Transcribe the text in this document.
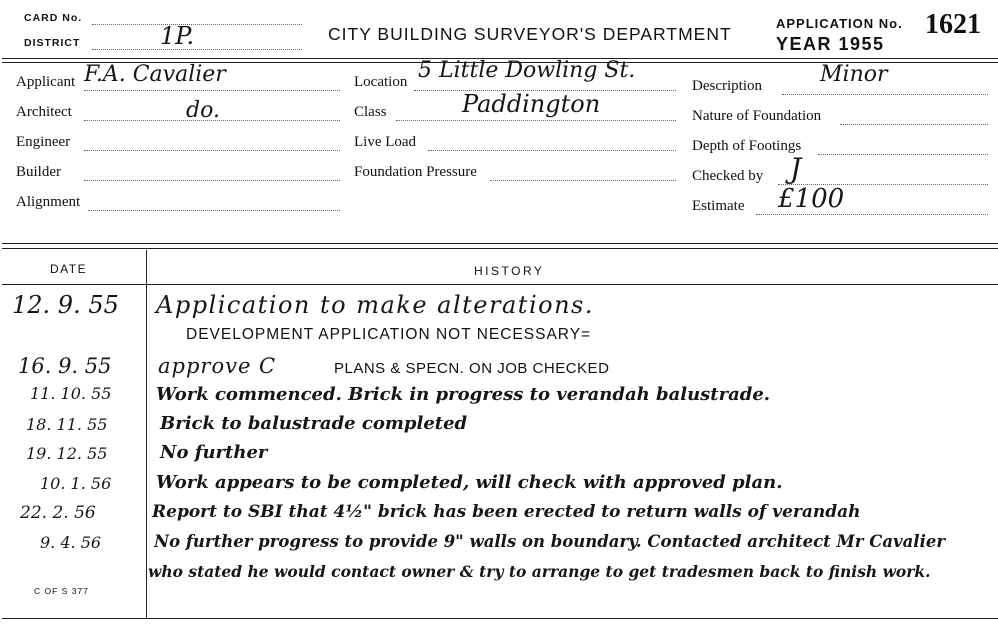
CARD No.
DISTRICT	1P.	CITY BUILDING SURVEYOR'S DEPARTMENT
APPLICATION No. 1621
YEAR 1955
Applicant F.A. Cavalier
Architect	do.
Engineer
Builder
Alignment
Location 5 Little Dowling St.
Class	Paddington
Live Load
Foundation Pressure
Description	Minor
Nature of Foundation
Depth of Footings
Checked by J
Estimate £100
DATE	HISTORY
12. 9. 55 Application to make alterations.
DEVELOPMENT APPLICATION NOT NECESSARY=
16. 9. 55 approve C	PLANS & SPECN. ON JOB CHECKED
11. 10. 55 Work commenced. Brick in progress to verandah balustrade.
18. 11. 55	Brick to balustrade completed
19. 12. 55	No further
10. 1. 56 Work appears to be completed, will check with approved plan.
22. 2. 56	Report to SBI that 4½" brick has been erected to return walls of verandah
9. 4. 56	No further progress to provide 9" walls on boundary. Contacted architect Mr Cavalier
who stated he would contact owner & try to arrange to get tradesmen back to finish work.
C OF S 377
